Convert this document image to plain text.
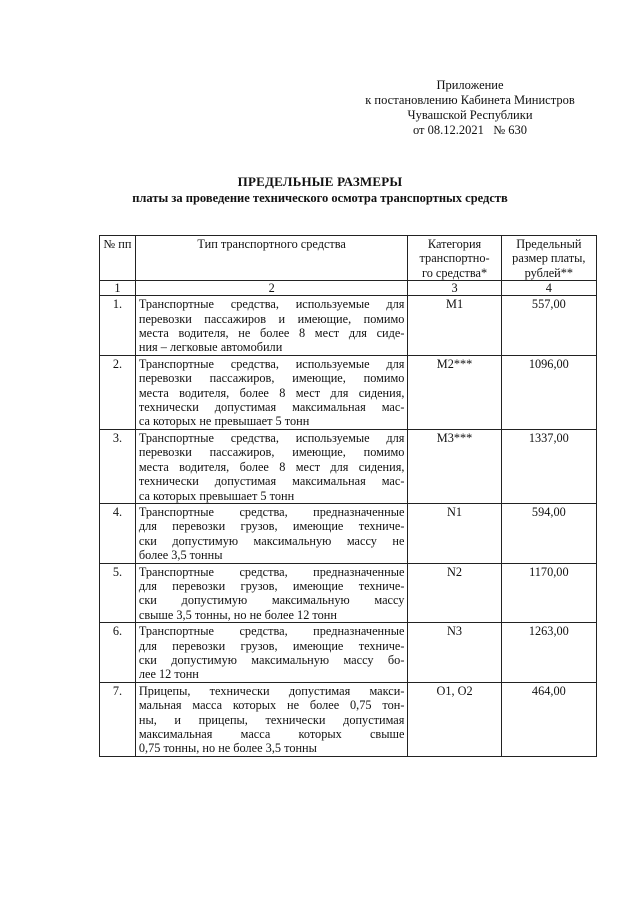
Приложение
к постановлению Кабинета Министров
Чувашской Республики
от 08.12.2021   № 630
ПРЕДЕЛЬНЫЕ РАЗМЕРЫ
платы за проведение технического осмотра транспортных средств
№ пп	Тип транспортного средства	Категория
транспортно-
го средства*	Предельный
размер платы,
рублей**

1	2	3	4
1.	Транспортные средства, используемые для
перевозки пассажиров и имеющие, помимо
места водителя, не более 8 мест для сиде-
ния – легковые автомобили	M1	557,00
2.	Транспортные средства, используемые для
перевозки пассажиров, имеющие, помимо
места водителя, более 8 мест для сидения,
технически допустимая максимальная мас-
са которых не превышает 5 тонн	M2***	1096,00
3.	Транспортные средства, используемые для
перевозки пассажиров, имеющие, помимо
места водителя, более 8 мест для сидения,
технически допустимая максимальная мас-
са которых превышает 5 тонн	M3***	1337,00
4.	Транспортные средства, предназначенные
для перевозки грузов, имеющие техниче-
ски допустимую максимальную массу не
более 3,5 тонны	N1	594,00
5.	Транспортные средства, предназначенные
для перевозки грузов, имеющие техниче-
ски допустимую максимальную массу
свыше 3,5 тонны, но не более 12 тонн	N2	1170,00
6.	Транспортные средства, предназначенные
для перевозки грузов, имеющие техниче-
ски допустимую максимальную массу бо-
лее 12 тонн	N3	1263,00
7.	Прицепы, технически допустимая макси-
мальная масса которых не более 0,75 тон-
ны, и прицепы, технически допустимая
максимальная масса которых свыше
0,75 тонны, но не более 3,5 тонны	O1, O2	464,00
